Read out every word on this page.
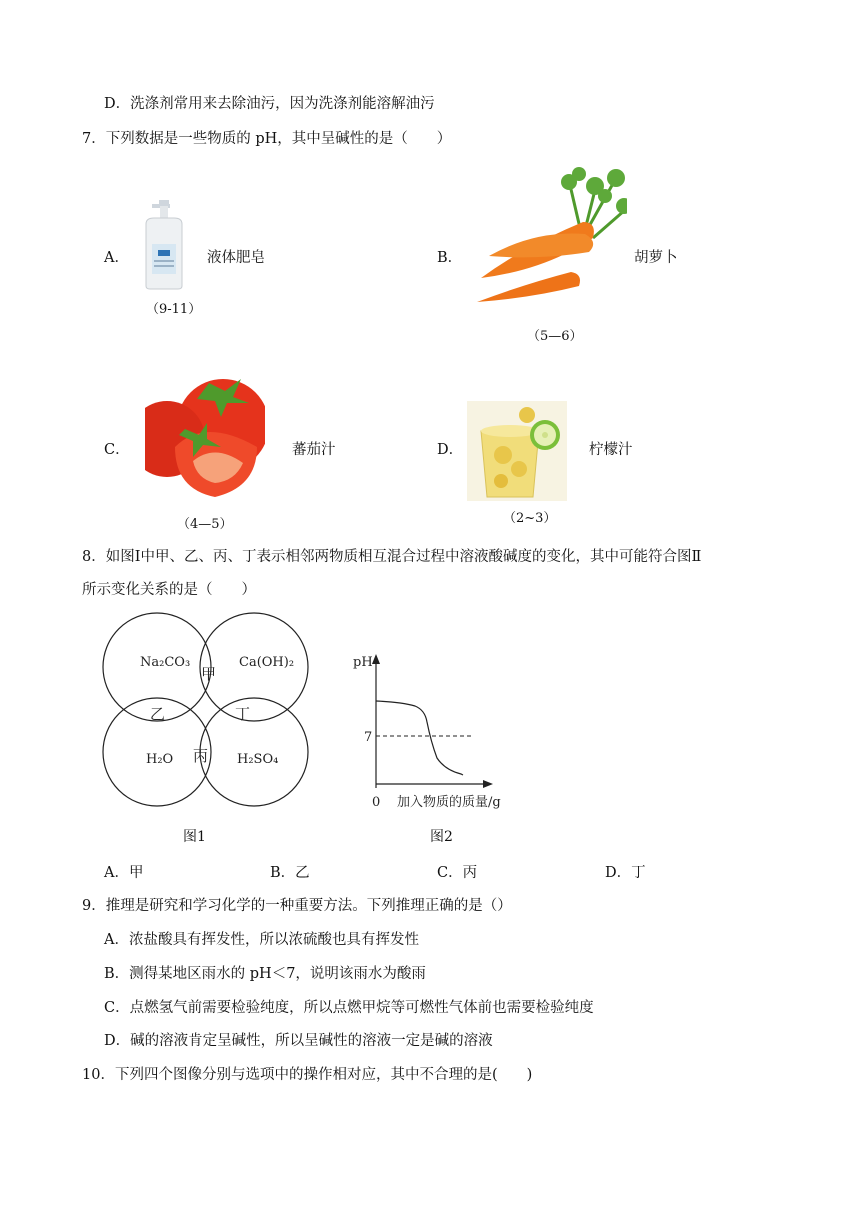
D．洗涤剂常用来去除油污，因为洗涤剂能溶解油污
7．下列数据是一些物质的 pH，其中呈碱性的是（　　）
A．
（9-11）
液体肥皂	B．
（5—6）
胡萝卜
C．
（4—5）
蕃茄汁	D．
（2~3）
柠檬汁
8．如图Ⅰ中甲、乙、丙、丁表示相邻两物质相互混合过程中溶液酸碱度的变化，其中可能符合图Ⅱ
所示变化关系的是（　　）
Na₂CO₃	Ca(OH)₂
H₂O	H₂SO₄
甲
乙
丙
丁
图1
pH
7
0 加入物质的质量/g
图2
A．甲	B．乙	C．丙	D．丁
9．推理是研究和学习化学的一种重要方法。下列推理正确的是（）
A．浓盐酸具有挥发性，所以浓硫酸也具有挥发性
B．测得某地区雨水的 pH＜7，说明该雨水为酸雨
C．点燃氢气前需要检验纯度，所以点燃甲烷等可燃性气体前也需要检验纯度
D．碱的溶液肯定呈碱性，所以呈碱性的溶液一定是碱的溶液
10．下列四个图像分别与选项中的操作相对应，其中不合理的是(　　)
